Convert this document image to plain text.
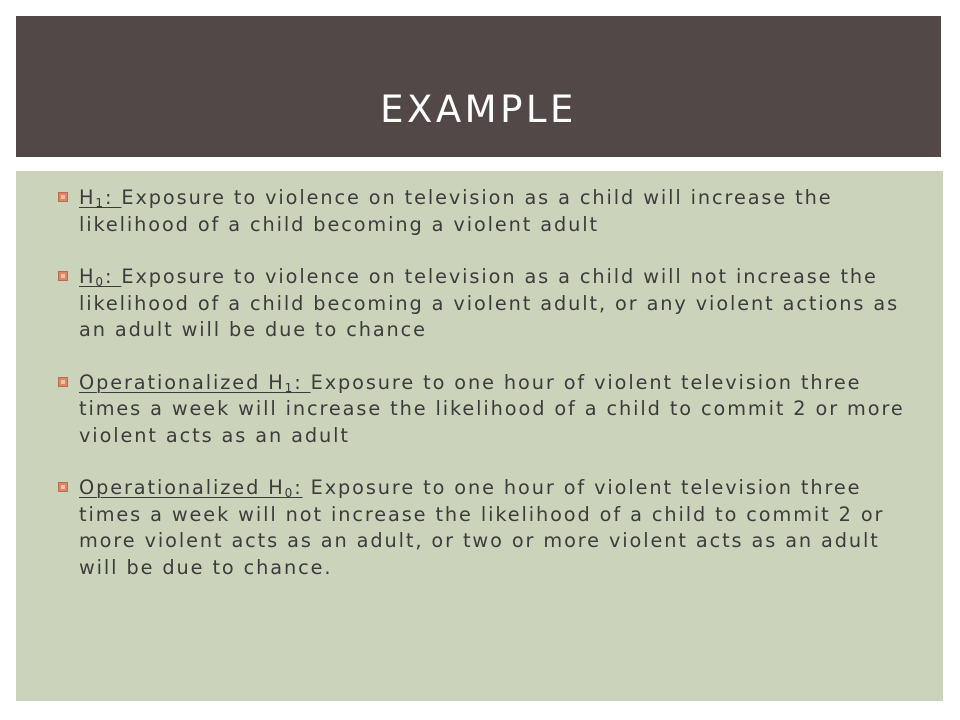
EXAMPLE
$H_1$: Exposure to violence on television as a child will increase the likelihood of a child becoming a violent adult
$H_0$: Exposure to violence on television as a child will not increase the likelihood of a child becoming a violent adult, or any violent actions as an adult will be due to chance
Operationalized $H_1$: Exposure to one hour of violent television three times a week will increase the likelihood of a child to commit 2 or more violent acts as an adult
Operationalized $H_0$: Exposure to one hour of violent television three times a week will not increase the likelihood of a child to commit 2 or more violent acts as an adult, or two or more violent acts as an adult will be due to chance.
